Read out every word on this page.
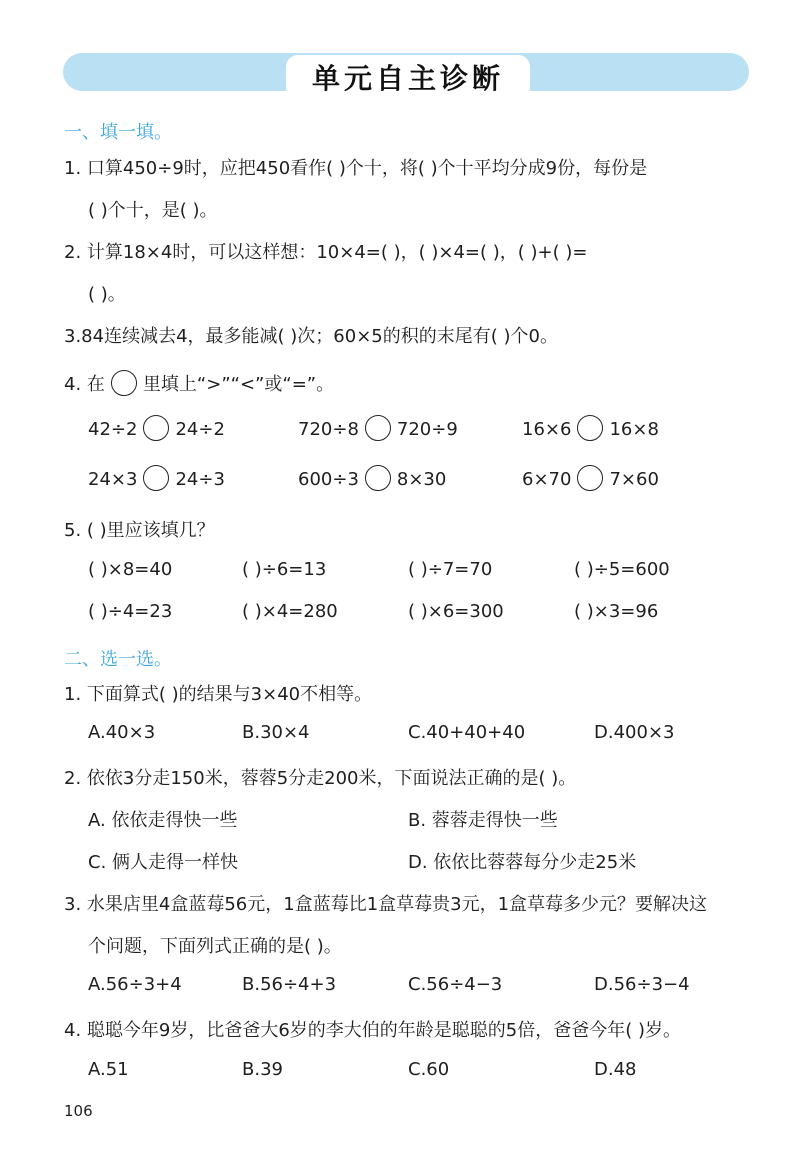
单元自主诊断
一、填一填。
1. 口算450÷9时，应把450看作( )个十，将( )个十平均分成9份，每份是
( )个十，是( )。
2. 计算18×4时，可以这样想：10×4=( )，( )×4=( )，( )+( )=
( )。
3.84连续减去4，最多能减( )次；60×5的积的末尾有( )个0。
4. 在 里填上“>”“<”或“=”。
42÷2 24÷2	720÷8 720÷9	16×6 16×8
24×3 24÷3	600÷3 8×30	6×70 7×60
5. ( )里应该填几？
( )×8=40	( )÷6=13	( )÷7=70	( )÷5=600
( )÷4=23	( )×4=280	( )×6=300	( )×3=96
二、选一选。
1. 下面算式( )的结果与3×40不相等。
A.40×3	B.30×4	C.40+40+40	D.400×3
2. 依依3分走150米，蓉蓉5分走200米，下面说法正确的是( )。
A. 依依走得快一些	B. 蓉蓉走得快一些
C. 俩人走得一样快	D. 依依比蓉蓉每分少走25米
3. 水果店里4盒蓝莓56元，1盒蓝莓比1盒草莓贵3元，1盒草莓多少元？要解决这
个问题，下面列式正确的是( )。
A.56÷3+4	B.56÷4+3	C.56÷4−3	D.56÷3−4
4. 聪聪今年9岁，比爸爸大6岁的李大伯的年龄是聪聪的5倍，爸爸今年( )岁。
A.51	B.39	C.60	D.48
106
